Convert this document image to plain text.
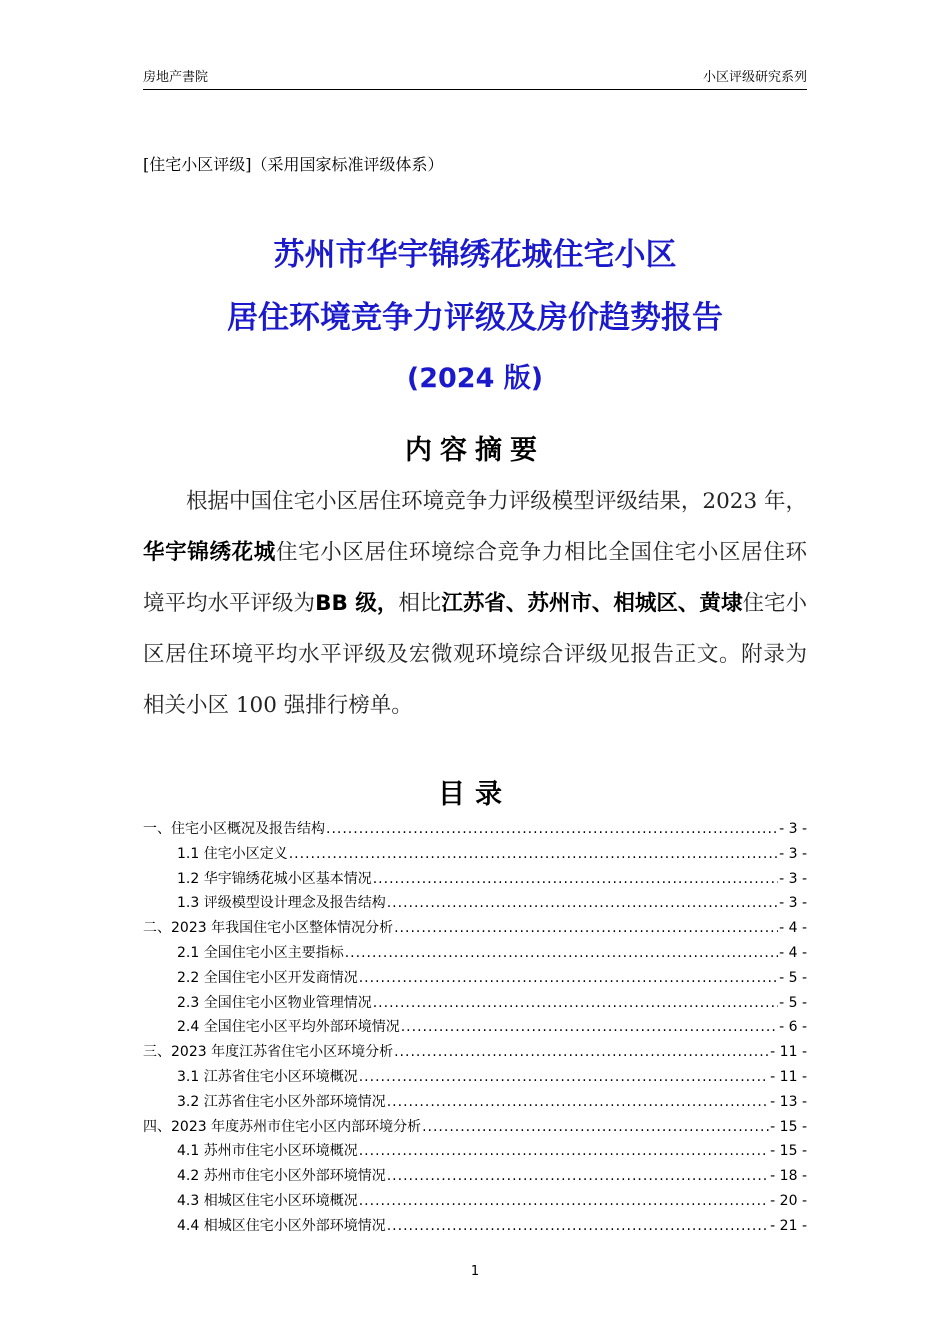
房地产書院	小区评级研究系列
[住宅小区评级]（采用国家标准评级体系）
苏州市华宇锦绣花城住宅小区
居住环境竞争力评级及房价趋势报告
(2024 版)
内容摘要
根据中国住宅小区居住环境竞争力评级模型评级结果，2023 年，华宇锦绣花城住宅小区居住环境综合竞争力相比全国住宅小区居住环境平均水平评级为BB 级，相比江苏省、苏州市、相城区、黄埭住宅小区居住环境平均水平评级及宏微观环境综合评级见报告正文。附录为相关小区 100 强排行榜单。
目录
一、住宅小区概况及报告结构 .....	- 3 -
1.1 住宅小区定义 .....	- 3 -
1.2 华宇锦绣花城小区基本情况 .....	- 3 -
1.3 评级模型设计理念及报告结构 .....	- 3 -
二、2023 年我国住宅小区整体情况分析 .....	- 4 -
2.1 全国住宅小区主要指标 .....	- 4 -
2.2 全国住宅小区开发商情况 .....	- 5 -
2.3 全国住宅小区物业管理情况 .....	- 5 -
2.4 全国住宅小区平均外部环境情况 .....	- 6 -
三、2023 年度江苏省住宅小区环境分析 .....	- 11 -
3.1 江苏省住宅小区环境概况 .....	- 11 -
3.2 江苏省住宅小区外部环境情况 .....	- 13 -
四、2023 年度苏州市住宅小区内部环境分析 .....	- 15 -
4.1 苏州市住宅小区环境概况 .....	- 15 -
4.2 苏州市住宅小区外部环境情况 .....	- 18 -
4.3 相城区住宅小区环境概况 .....	- 20 -
4.4 相城区住宅小区外部环境情况 .....	- 21 -
1
